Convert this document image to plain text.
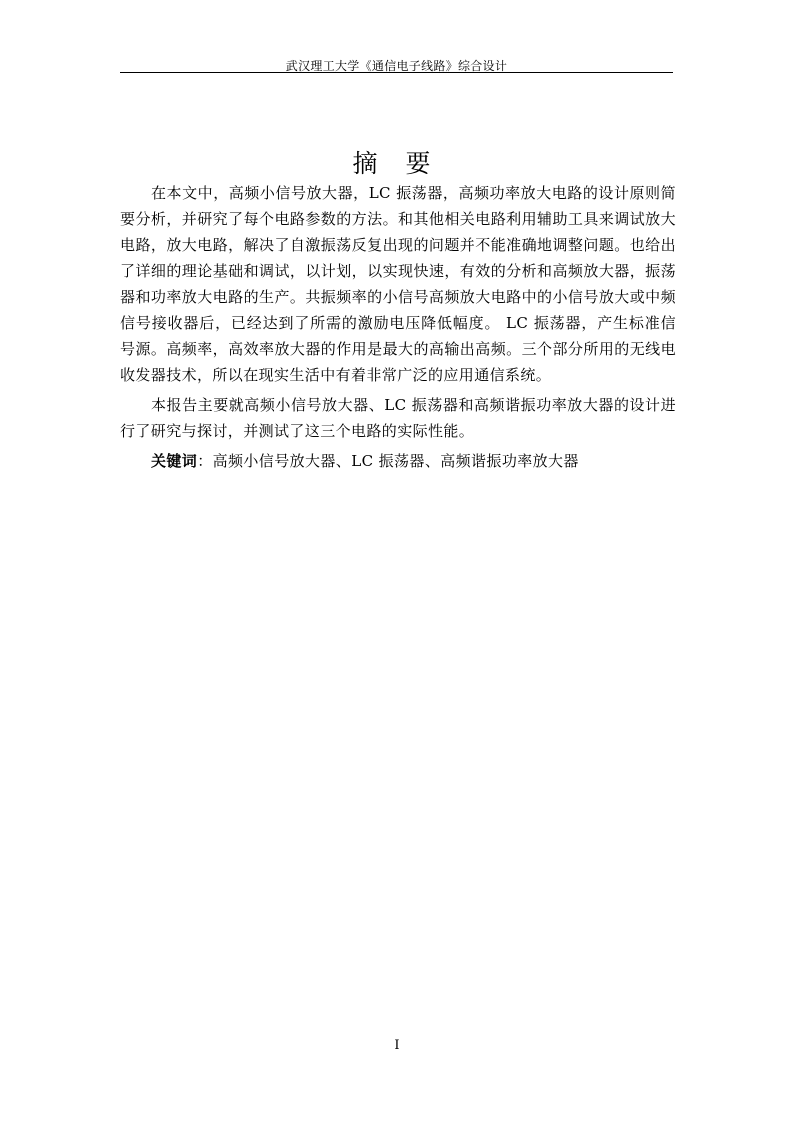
武汉理工大学《通信电子线路》综合设计
摘 要

在本文中，高频小信号放大器，LC 振荡器，高频功率放大电路的设计原则简要分析，并研究了每个电路参数的方法。和其他相关电路利用辅助工具来调试放大电路，放大电路，解决了自激振荡反复出现的问题并不能准确地调整问题。也给出了详细的理论基础和调试，以计划，以实现快速，有效的分析和高频放大器，振荡器和功率放大电路的生产。共振频率的小信号高频放大电路中的小信号放大或中频信号接收器后，已经达到了所需的激励电压降低幅度。 LC 振荡器，产生标准信号源。高频率，高效率放大器的作用是最大的高输出高频。三个部分所用的无线电收发器技术，所以在现实生活中有着非常广泛的应用通信系统。

本报告主要就高频小信号放大器、LC 振荡器和高频谐振功率放大器的设计进行了研究与探讨，并测试了这三个电路的实际性能。

关键词：高频小信号放大器、LC 振荡器、高频谐振功率放大器
I
